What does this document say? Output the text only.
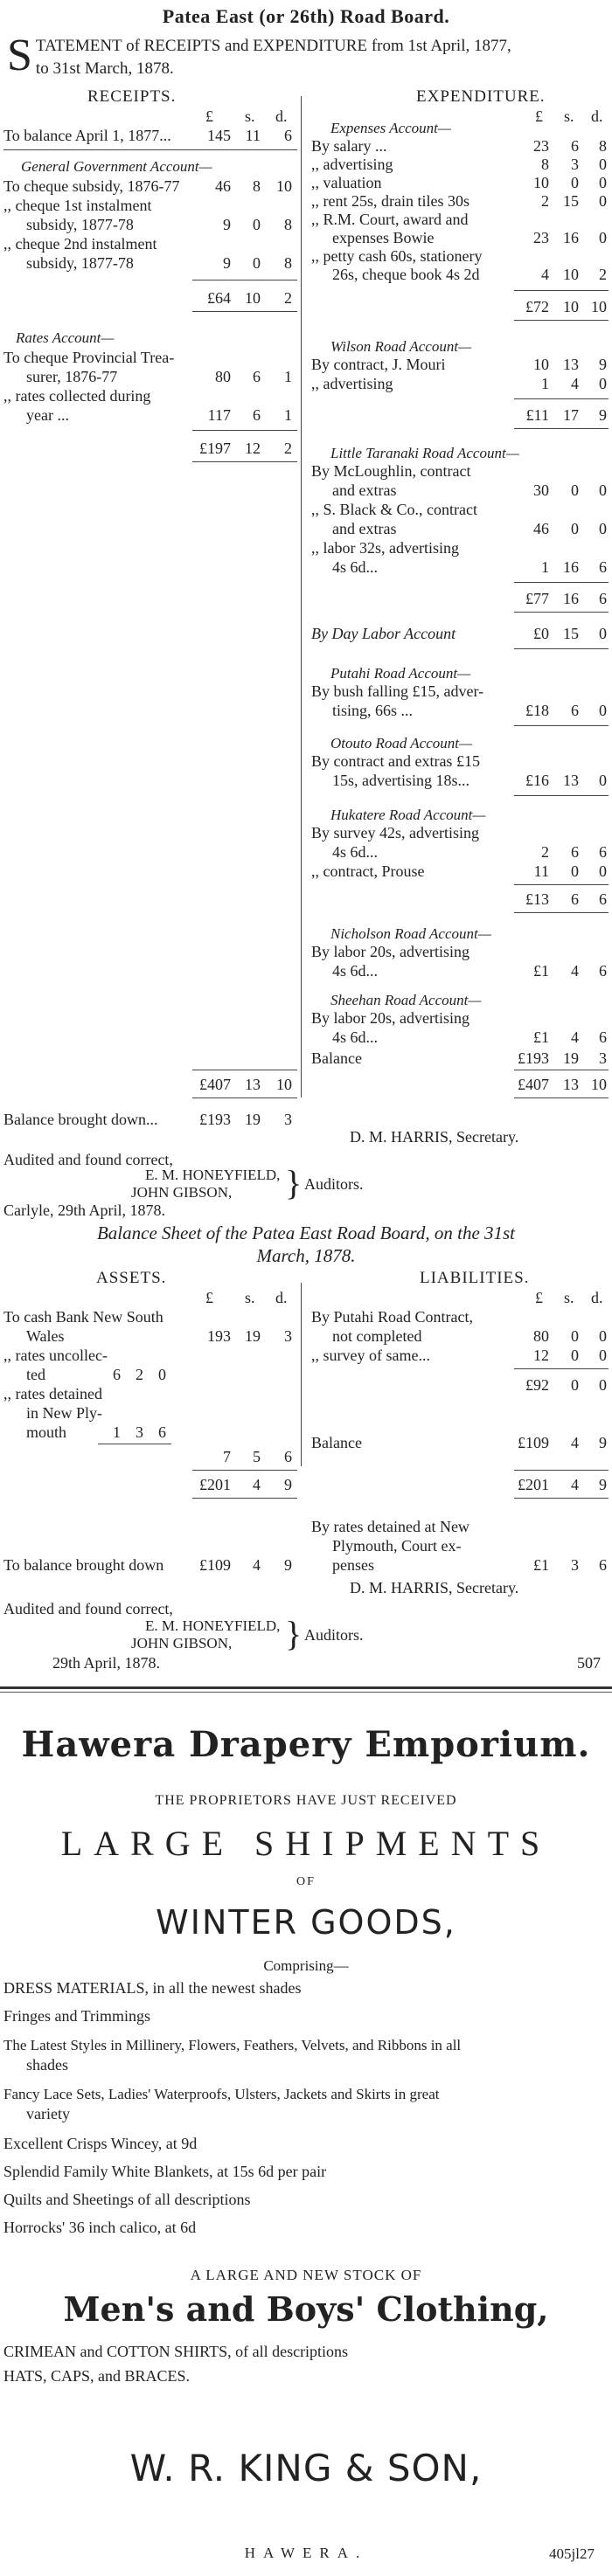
Patea East (or 26th) Road Board.
S TATEMENT of RECEIPTS and EXPENDITURE from 1st April, 1877,
to 31st March, 1878.
RECEIPTS.	EXPENDITURE.
£ s. d.
To balance April 1, 1877...	145 11	6
General Government Account—
To cheque subsidy, 1876-77	46	8	10
,, cheque 1st instalment
subsidy, 1877-78	9	0	8
,, cheque 2nd instalment
subsidy, 1877-78	9	0	8
£64 10	2
Rates Account—
To cheque Provincial Trea-
surer, 1876-77	80	6	1
,, rates collected during
year ...	117	6	1
£197 12	2
£407 13	10
Balance brought down...	£193 19	3
£ s. d.
Expenses Account—
By salary ...	23	6	8
,, advertising	8	3	0
,, valuation	10	0	0
,, rent 25s, drain tiles 30s	2 15	0
,, R.M. Court, award and
expenses Bowie	23 16	0
,, petty cash 60s, stationery
26s, cheque book 4s 2d	4 10	2
£72 10 10
Wilson Road Account—
By contract, J. Mouri	10 13	9
,, advertising	1	4	0
£11 17	9
Little Taranaki Road Account—
By McLoughlin, contract
and extras	30	0	0
,, S. Black & Co., contract
and extras	46	0	0
,, labor 32s, advertising
4s 6d...	1 16	6
£77 16	6
By Day Labor Account	£0 15	0
Putahi Road Account—
By bush falling £15, adver-
tising, 66s ...	£18	6	0
Otouto Road Account—
By contract and extras £15
15s, advertising 18s...	£16 13	0
Hukatere Road Account—
By survey 42s, advertising
4s 6d...	2	6	6
,, contract, Prouse	11	0	0
£13	6	6
Nicholson Road Account—
By labor 20s, advertising
4s 6d...	£1	4	6
Sheehan Road Account—
By labor 20s, advertising
4s 6d...	£1	4	6
Balance	£193 19	3
£407 13 10
D. M. HARRIS, Secretary.
Audited and found correct,
E. M. HONEYFIELD,
JOHN GIBSON, } Auditors.
Carlyle, 29th April, 1878.
Balance Sheet of the Patea East Road Board, on the 31st
March, 1878.
ASSETS.	LIABILITIES.
£ s. d.	£ s. d.
To cash Bank New South
Wales	193 19	3
,, rates uncollec-
ted	6 2 0
,, rates detained
in New Ply-
mouth	1 3 6
7	5	6
£201	4	9
By Putahi Road Contract,
not completed	80	0	0
,, survey of same...	12	0	0
£92	0	0
Balance	£109	4	9
£201	4	9
By rates detained at New
Plymouth, Court ex-
penses	£1	3	6
To balance brought down	£109	4	9
D. M. HARRIS, Secretary.
Audited and found correct,
E. M. HONEYFIELD,
JOHN GIBSON, } Auditors.
29th April, 1878.	507
Hawera Drapery Emporium.
THE PROPRIETORS HAVE JUST RECEIVED
LARGE SHIPMENTS
OF
WINTER GOODS,
Comprising—
DRESS MATERIALS, in all the newest shades
Fringes and Trimmings
The Latest Styles in Millinery, Flowers, Feathers, Velvets, and Ribbons in all
shades
Fancy Lace Sets, Ladies' Waterproofs, Ulsters, Jackets and Skirts in great
variety
Excellent Crisps Wincey, at 9d
Splendid Family White Blankets, at 15s 6d per pair
Quilts and Sheetings of all descriptions
Horrocks' 36 inch calico, at 6d
A LARGE AND NEW STOCK OF
Men's and Boys' Clothing,
CRIMEAN and COTTON SHIRTS, of all descriptions
HATS, CAPS, and BRACES.
W. R. KING & SON,
HAWERA.	405jl27
